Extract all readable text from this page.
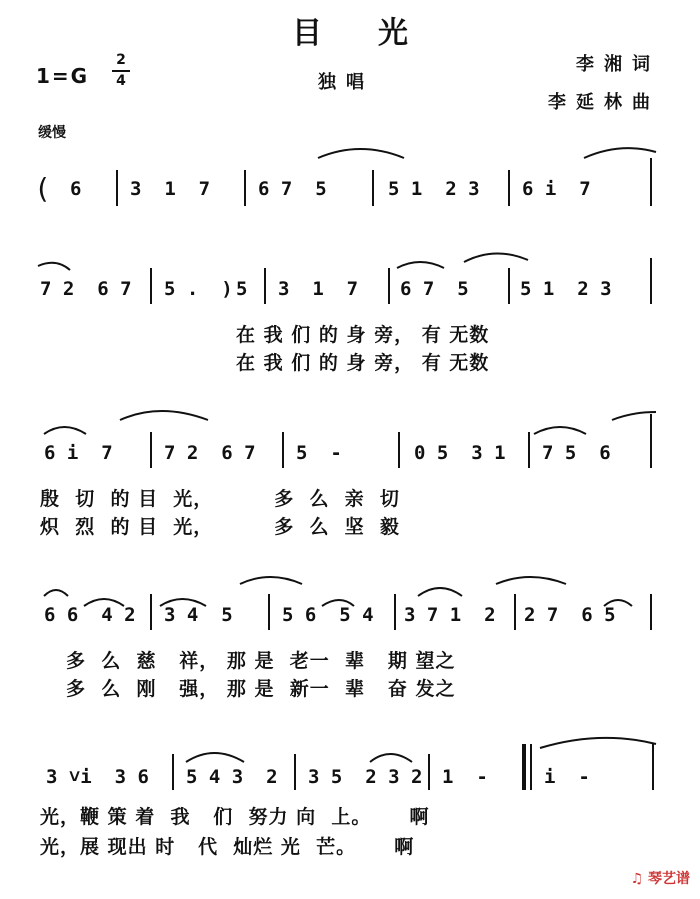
目光
1=G
2
4	独唱
李湘词
李延林曲
缓慢
( 6	3  1  7	6 7  5	5 1  2 3 6 i  7
7 2  6 7 5 .  ) 5 3  1  7 6 7  5	5 1  2 3
在 我 们 的 身 旁， 有 无数
在 我 们 的 身 旁， 有 无数
6 i  7	7 2  6 7 5  -	0 5  3 1 7 5  6
殷  切  的 目  光，        多  么  亲  切
炽  烈  的 目  光，        多  么  坚  毅
6 6  4 2 3 4  5	5 6  5 4 3 7 1  2 2 7  6 5
多  么  慈   祥， 那 是  老一  辈   期 望之
多  么  刚   强， 那 是  新一  辈   奋 发之
3 ˅i  3 6 5 4 3  2 3 5  2 3 2 1  -	i  -
光，鞭 策 着  我   们  努力 向  上。     啊
光，展 现出 时   代  灿烂 光  芒。     啊
♫ 琴艺谱
